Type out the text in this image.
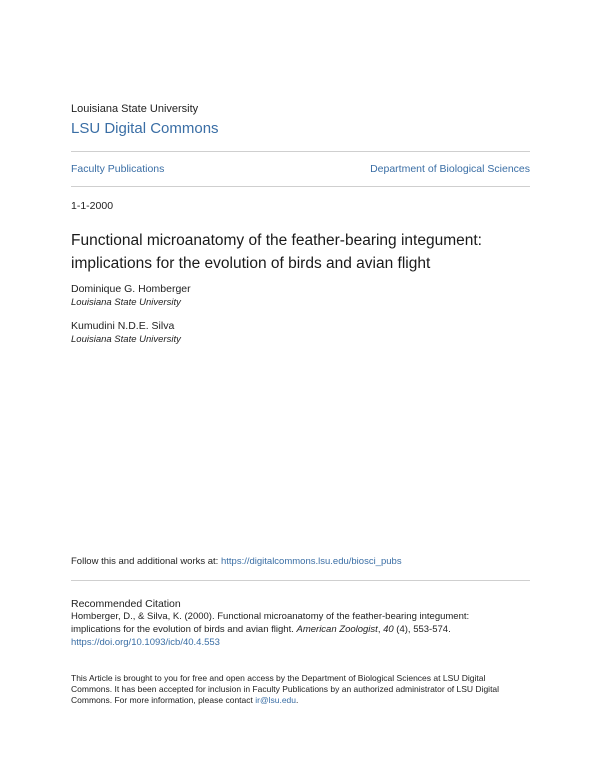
Louisiana State University
LSU Digital Commons
Faculty Publications	Department of Biological Sciences
1-1-2000
Functional microanatomy of the feather-bearing integument:
implications for the evolution of birds and avian flight
Dominique G. Homberger
Louisiana State University
Kumudini N.D.E. Silva
Louisiana State University
Follow this and additional works at: https://digitalcommons.lsu.edu/biosci_pubs
Recommended Citation
Homberger, D., & Silva, K. (2000). Functional microanatomy of the feather-bearing integument:
implications for the evolution of birds and avian flight. American Zoologist, 40 (4), 553-574.
https://doi.org/10.1093/icb/40.4.553
This Article is brought to you for free and open access by the Department of Biological Sciences at LSU Digital
Commons. It has been accepted for inclusion in Faculty Publications by an authorized administrator of LSU Digital
Commons. For more information, please contact ir@lsu.edu.
